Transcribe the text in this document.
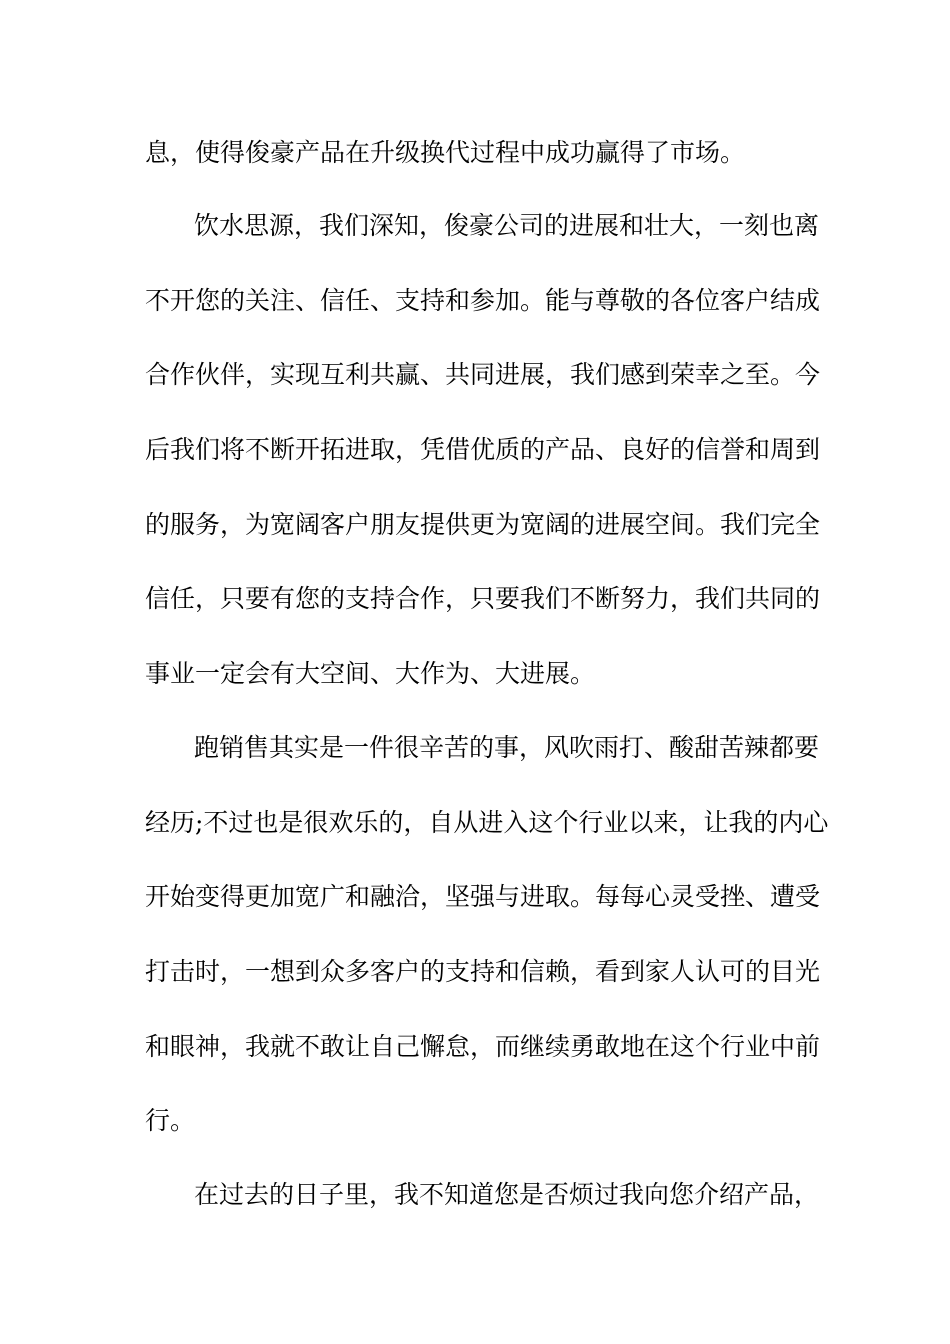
息，使得俊豪产品在升级换代过程中成功赢得了市场。
饮水思源，我们深知，俊豪公司的进展和壮大，一刻也离
不开您的关注、信任、支持和参加。能与尊敬的各位客户结成
合作伙伴，实现互利共赢、共同进展，我们感到荣幸之至。今
后我们将不断开拓进取，凭借优质的产品、良好的信誉和周到
的服务，为宽阔客户朋友提供更为宽阔的进展空间。我们完全
信任，只要有您的支持合作，只要我们不断努力，我们共同的
事业一定会有大空间、大作为、大进展。
跑销售其实是一件很辛苦的事，风吹雨打、酸甜苦辣都要
经历;不过也是很欢乐的，自从进入这个行业以来，让我的内心
开始变得更加宽广和融洽，坚强与进取。每每心灵受挫、遭受
打击时，一想到众多客户的支持和信赖，看到家人认可的目光
和眼神，我就不敢让自己懈怠，而继续勇敢地在这个行业中前
行。
在过去的日子里，我不知道您是否烦过我向您介绍产品，
